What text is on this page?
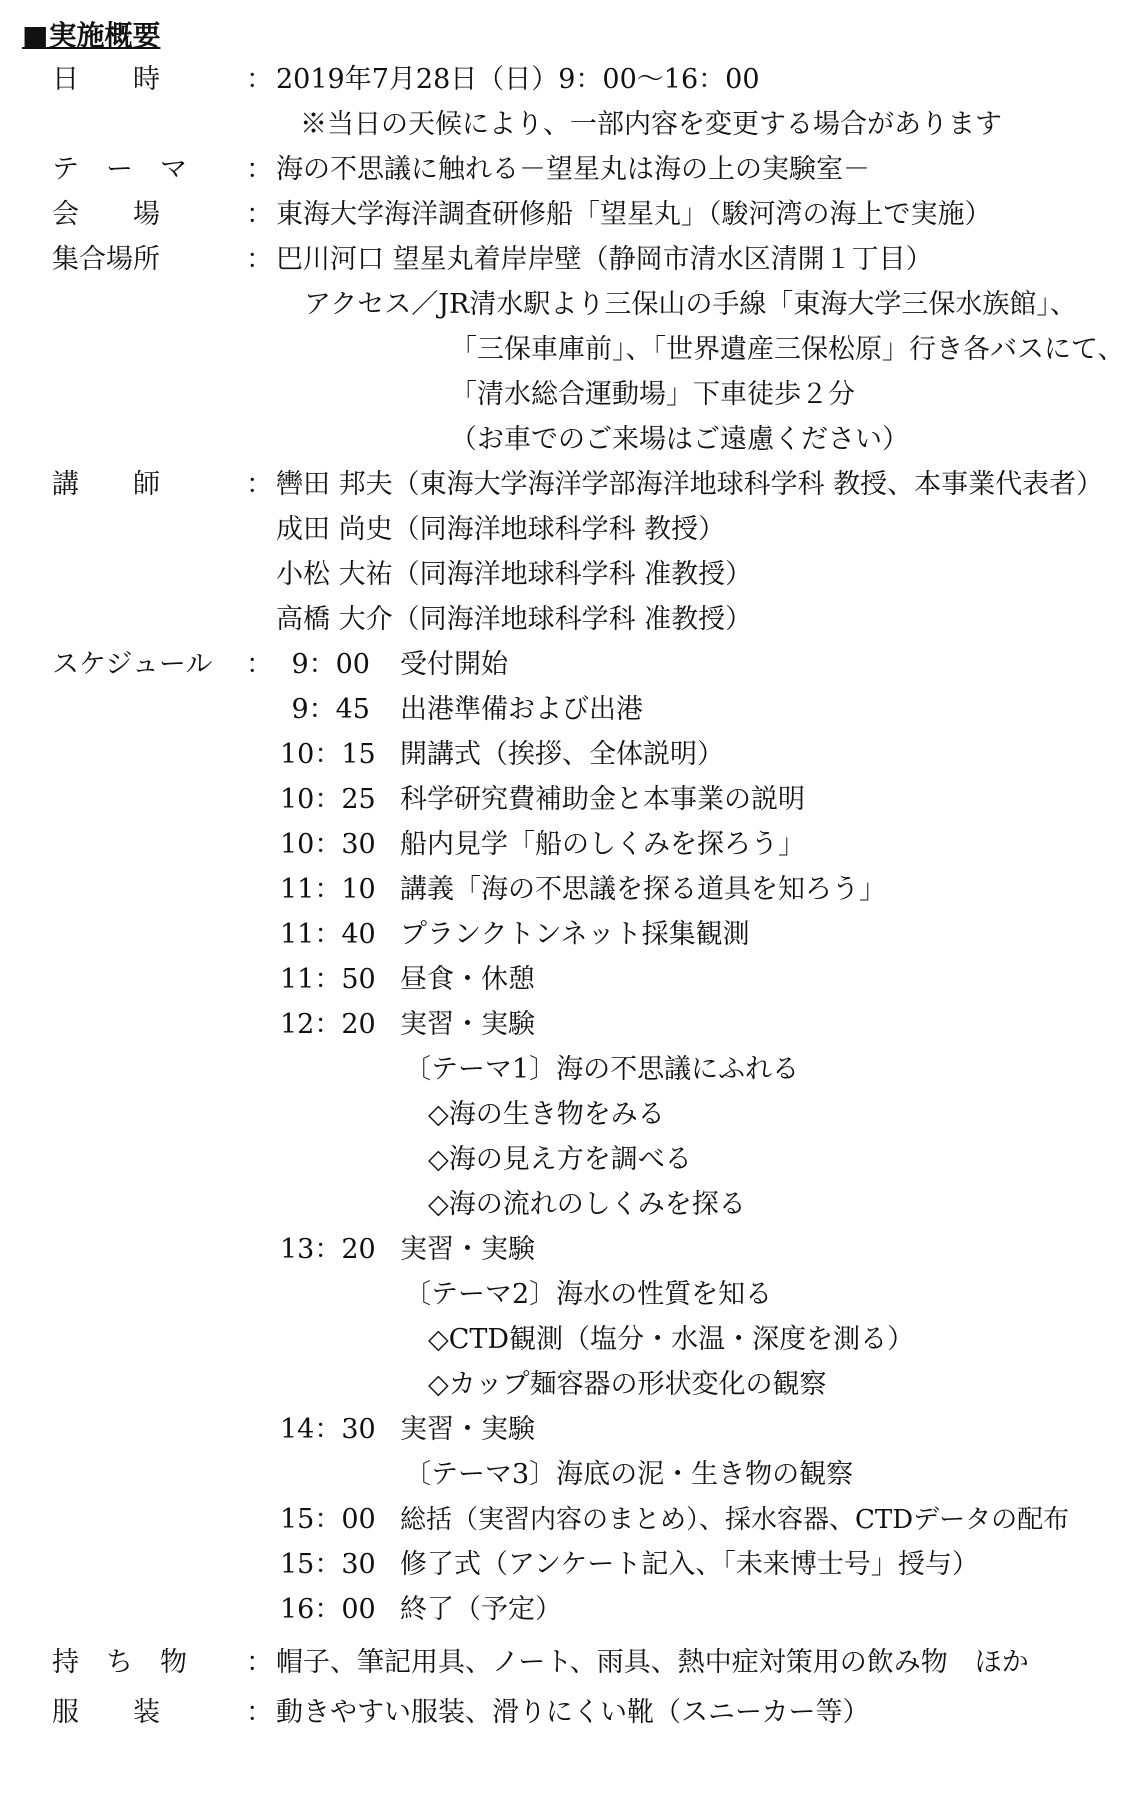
■実施概要
日　　時	： 2019年7月28日（日）9：00〜16：00
※当日の天候により、一部内容を変更する場合があります
テ　ー　マ ： 海の不思議に触れる－望星丸は海の上の実験室－
会　　場	： 東海大学海洋調査研修船「望星丸」（駿河湾の海上で実施）
集合場所	： 巴川河口 望星丸着岸岸壁（静岡市清水区清開１丁目）
アクセス／JR清水駅より三保山の手線「東海大学三保水族館」、
「三保車庫前」、「世界遺産三保松原」行き各バスにて、
「清水総合運動場」下車徒歩２分
（お車でのご来場はご遠慮ください）
講　　師	： 轡田 邦夫（東海大学海洋学部海洋地球科学科 教授、本事業代表者）
成田 尚史（同海洋地球科学科 教授）
小松 大祐（同海洋地球科学科 准教授）
高橋 大介（同海洋地球科学科 准教授）
スケジュール ： 9：00 受付開始
9：45 出港準備および出港
10：15 開講式（挨拶、全体説明）
10：25 科学研究費補助金と本事業の説明
10：30 船内見学「船のしくみを探ろう」
11：10 講義「海の不思議を探る道具を知ろう」
11：40 プランクトンネット採集観測
11：50 昼食・休憩
12：20 実習・実験
〔テーマ1〕海の不思議にふれる
◇海の生き物をみる
◇海の見え方を調べる
◇海の流れのしくみを探る
13：20 実習・実験
〔テーマ2〕海水の性質を知る
◇CTD観測（塩分・水温・深度を測る）
◇カップ麺容器の形状変化の観察
14：30 実習・実験
〔テーマ3〕海底の泥・生き物の観察
15：00 総括（実習内容のまとめ）、採水容器、CTDデータの配布
15：30 修了式（アンケート記入、「未来博士号」授与）
16：00 終了（予定）
持　ち　物 ： 帽子、筆記用具、ノート、雨具、熱中症対策用の飲み物　ほか
服　　装	： 動きやすい服装、滑りにくい靴（スニーカー等）
